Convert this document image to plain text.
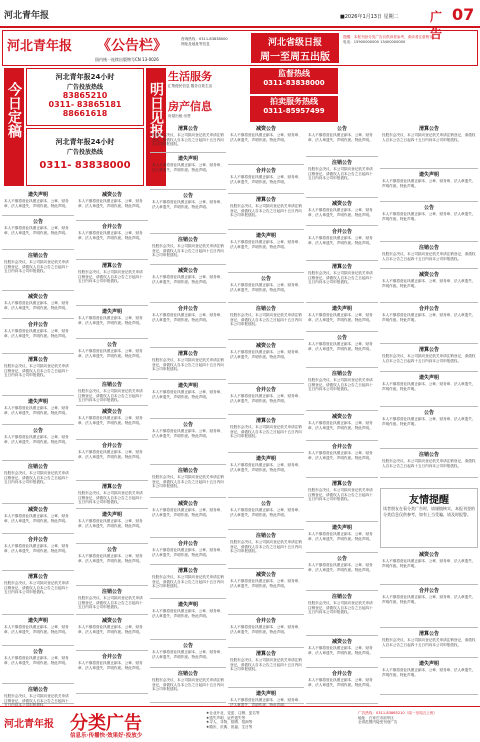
河北青年报	■2026年1月13日 星期二	广告
07
河北青年报	《公告栏》
国内统一连续出版物号CN 13-0026
咨询热线：0311-83838000
网址及地址等信息	河北省级日报
周一至周五出版
提醒：本报刊登分类广告仅供读者参考，请读者注意核实。
电话：15900000000 13400000000
今日定稿	明日见报
河北青年报24小时
广告投放热线
83865210
0311- 83865181
88661618
河北青年报24小时
广告投放热线
0311- 83838000
生活服务
汇集便民信息 服务百姓生活
房产信息
房屋出租·出售
监督热线
0311-83838000
拍卖服务热线
0311-85957499
遗失声明
本人不慎将营业执照正副本、公章、财务章、法人章遗失，声明作废。特此声明。
公告
本人不慎将营业执照正副本、公章、财务章、法人章遗失，声明作废。特此声明。
注销公告
经股东会决议，本公司拟向登记机关申请注销登记，请债权人自本公告之日起四十五日内向本公司申报债权。
减资公告
本人不慎将营业执照正副本、公章、财务章、法人章遗失，声明作废。特此声明。
合并公告
本人不慎将营业执照正副本、公章、财务章、法人章遗失，声明作废。特此声明。
清算公告
经股东会决议，本公司拟向登记机关申请注销登记，请债权人自本公告之日起四十五日内向本公司申报债权。
遗失声明
本人不慎将营业执照正副本、公章、财务章、法人章遗失，声明作废。特此声明。
公告
本人不慎将营业执照正副本、公章、财务章、法人章遗失，声明作废。特此声明。
注销公告
经股东会决议，本公司拟向登记机关申请注销登记，请债权人自本公告之日起四十五日内向本公司申报债权。
减资公告
本人不慎将营业执照正副本、公章、财务章、法人章遗失，声明作废。特此声明。
合并公告
本人不慎将营业执照正副本、公章、财务章、法人章遗失，声明作废。特此声明。
清算公告
经股东会决议，本公司拟向登记机关申请注销登记，请债权人自本公告之日起四十五日内向本公司申报债权。
遗失声明
本人不慎将营业执照正副本、公章、财务章、法人章遗失，声明作废。特此声明。
公告
本人不慎将营业执照正副本、公章、财务章、法人章遗失，声明作废。特此声明。
注销公告
经股东会决议，本公司拟向登记机关申请注销登记，请债权人自本公告之日起四十五日内向本公司申报债权。
减资公告
本人不慎将营业执照正副本、公章、财务章、法人章遗失，声明作废。特此声明。
合并公告
本人不慎将营业执照正副本、公章、财务章、法人章遗失，声明作废。特此声明。
清算公告
经股东会决议，本公司拟向登记机关申请注销登记，请债权人自本公告之日起四十五日内向本公司申报债权。
遗失声明
本人不慎将营业执照正副本、公章、财务章、法人章遗失，声明作废。特此声明。
公告
本人不慎将营业执照正副本、公章、财务章、法人章遗失，声明作废。特此声明。
注销公告
经股东会决议，本公司拟向登记机关申请注销登记，请债权人自本公告之日起四十五日内向本公司申报债权。
减资公告
本人不慎将营业执照正副本、公章、财务章、法人章遗失，声明作废。特此声明。
合并公告
本人不慎将营业执照正副本、公章、财务章、法人章遗失，声明作废。特此声明。
清算公告
经股东会决议，本公司拟向登记机关申请注销登记，请债权人自本公告之日起四十五日内向本公司申报债权。
遗失声明
本人不慎将营业执照正副本、公章、财务章、法人章遗失，声明作废。特此声明。
公告
本人不慎将营业执照正副本、公章、财务章、法人章遗失，声明作废。特此声明。
注销公告
经股东会决议，本公司拟向登记机关申请注销登记，请债权人自本公告之日起四十五日内向本公司申报债权。
减资公告
本人不慎将营业执照正副本、公章、财务章、法人章遗失，声明作废。特此声明。
合并公告
本人不慎将营业执照正副本、公章、财务章、法人章遗失，声明作废。特此声明。
清算公告
经股东会决议，本公司拟向登记机关申请注销登记，请债权人自本公告之日起四十五日内向本公司申报债权。
遗失声明
本人不慎将营业执照正副本、公章、财务章、法人章遗失，声明作废。特此声明。
公告
本人不慎将营业执照正副本、公章、财务章、法人章遗失，声明作废。特此声明。
注销公告
经股东会决议，本公司拟向登记机关申请注销登记，请债权人自本公告之日起四十五日内向本公司申报债权。
减资公告
本人不慎将营业执照正副本、公章、财务章、法人章遗失，声明作废。特此声明。
合并公告
本人不慎将营业执照正副本、公章、财务章、法人章遗失，声明作废。特此声明。
清算公告
经股东会决议，本公司拟向登记机关申请注销登记，请债权人自本公告之日起四十五日内向本公司申报债权。
遗失声明
本人不慎将营业执照正副本、公章、财务章、法人章遗失，声明作废。特此声明。
公告
本人不慎将营业执照正副本、公章、财务章、法人章遗失，声明作废。特此声明。
注销公告
经股东会决议，本公司拟向登记机关申请注销登记，请债权人自本公告之日起四十五日内向本公司申报债权。
减资公告
本人不慎将营业执照正副本、公章、财务章、法人章遗失，声明作废。特此声明。
合并公告
本人不慎将营业执照正副本、公章、财务章、法人章遗失，声明作废。特此声明。
清算公告
经股东会决议，本公司拟向登记机关申请注销登记，请债权人自本公告之日起四十五日内向本公司申报债权。
遗失声明
本人不慎将营业执照正副本、公章、财务章、法人章遗失，声明作废。特此声明。
公告
本人不慎将营业执照正副本、公章、财务章、法人章遗失，声明作废。特此声明。
注销公告
经股东会决议，本公司拟向登记机关申请注销登记，请债权人自本公告之日起四十五日内向本公司申报债权。
减资公告
本人不慎将营业执照正副本、公章、财务章、法人章遗失，声明作废。特此声明。
合并公告
本人不慎将营业执照正副本、公章、财务章、法人章遗失，声明作废。特此声明。
清算公告
经股东会决议，本公司拟向登记机关申请注销登记，请债权人自本公告之日起四十五日内向本公司申报债权。
遗失声明
本人不慎将营业执照正副本、公章、财务章、法人章遗失，声明作废。特此声明。
公告
本人不慎将营业执照正副本、公章、财务章、法人章遗失，声明作废。特此声明。
注销公告
经股东会决议，本公司拟向登记机关申请注销登记，请债权人自本公告之日起四十五日内向本公司申报债权。
减资公告
本人不慎将营业执照正副本、公章、财务章、法人章遗失，声明作废。特此声明。
合并公告
本人不慎将营业执照正副本、公章、财务章、法人章遗失，声明作废。特此声明。
清算公告
经股东会决议，本公司拟向登记机关申请注销登记，请债权人自本公告之日起四十五日内向本公司申报债权。
遗失声明
本人不慎将营业执照正副本、公章、财务章、法人章遗失，声明作废。特此声明。
公告
本人不慎将营业执照正副本、公章、财务章、法人章遗失，声明作废。特此声明。
注销公告
经股东会决议，本公司拟向登记机关申请注销登记，请债权人自本公告之日起四十五日内向本公司申报债权。
减资公告
本人不慎将营业执照正副本、公章、财务章、法人章遗失，声明作废。特此声明。
合并公告
本人不慎将营业执照正副本、公章、财务章、法人章遗失，声明作废。特此声明。
清算公告
经股东会决议，本公司拟向登记机关申请注销登记，请债权人自本公告之日起四十五日内向本公司申报债权。
遗失声明
本人不慎将营业执照正副本、公章、财务章、法人章遗失，声明作废。特此声明。
公告
本人不慎将营业执照正副本、公章、财务章、法人章遗失，声明作废。特此声明。
注销公告
经股东会决议，本公司拟向登记机关申请注销登记，请债权人自本公告之日起四十五日内向本公司申报债权。
减资公告
本人不慎将营业执照正副本、公章、财务章、法人章遗失，声明作废。特此声明。
合并公告
本人不慎将营业执照正副本、公章、财务章、法人章遗失，声明作废。特此声明。
清算公告
经股东会决议，本公司拟向登记机关申请注销登记，请债权人自本公告之日起四十五日内向本公司申报债权。
遗失声明
本人不慎将营业执照正副本、公章、财务章、法人章遗失，声明作废。特此声明。
公告
本人不慎将营业执照正副本、公章、财务章、法人章遗失，声明作废。特此声明。
注销公告
经股东会决议，本公司拟向登记机关申请注销登记，请债权人自本公告之日起四十五日内向本公司申报债权。
减资公告
本人不慎将营业执照正副本、公章、财务章、法人章遗失，声明作废。特此声明。
合并公告
本人不慎将营业执照正副本、公章、财务章、法人章遗失，声明作废。特此声明。
清算公告
经股东会决议，本公司拟向登记机关申请注销登记，请债权人自本公告之日起四十五日内向本公司申报债权。
遗失声明
本人不慎将营业执照正副本、公章、财务章、法人章遗失，声明作废。特此声明。
公告
本人不慎将营业执照正副本、公章、财务章、法人章遗失，声明作废。特此声明。
注销公告
经股东会决议，本公司拟向登记机关申请注销登记，请债权人自本公告之日起四十五日内向本公司申报债权。
减资公告
本人不慎将营业执照正副本、公章、财务章、法人章遗失，声明作废。特此声明。
合并公告
本人不慎将营业执照正副本、公章、财务章、法人章遗失，声明作废。特此声明。
清算公告
经股东会决议，本公司拟向登记机关申请注销登记，请债权人自本公告之日起四十五日内向本公司申报债权。
遗失声明
本人不慎将营业执照正副本、公章、财务章、法人章遗失，声明作废。特此声明。
公告
本人不慎将营业执照正副本、公章、财务章、法人章遗失，声明作废。特此声明。
注销公告
经股东会决议，本公司拟向登记机关申请注销登记，请债权人自本公告之日起四十五日内向本公司申报债权。
减资公告
本人不慎将营业执照正副本、公章、财务章、法人章遗失，声明作废。特此声明。
合并公告
本人不慎将营业执照正副本、公章、财务章、法人章遗失，声明作废。特此声明。
清算公告
经股东会决议，本公司拟向登记机关申请注销登记，请债权人自本公告之日起四十五日内向本公司申报债权。
遗失声明
本人不慎将营业执照正副本、公章、财务章、法人章遗失，声明作废。特此声明。
公告
本人不慎将营业执照正副本、公章、财务章、法人章遗失，声明作废。特此声明。
注销公告
经股东会决议，本公司拟向登记机关申请注销登记，请债权人自本公告之日起四十五日内向本公司申报债权。
减资公告
本人不慎将营业执照正副本、公章、财务章、法人章遗失，声明作废。特此声明。
合并公告
本人不慎将营业执照正副本、公章、财务章、法人章遗失，声明作废。特此声明。
清算公告
经股东会决议，本公司拟向登记机关申请注销登记，请债权人自本公告之日起四十五日内向本公司申报债权。
遗失声明
本人不慎将营业执照正副本、公章、财务章、法人章遗失，声明作废。特此声明。
友情提醒
读者朋友在看分类广告时，请谨慎核实，本报刊登的分类信息仅供参考，如有上当受骗，请及时报警。
河北青年报 分类广告
信息乐·传播快·效果好·投放少
★企业开业、变更、注销、更名等
★遗失声明、证件遗失等
★寻人、寻物、招聘、招商等
★婚庆、庆典、祝福、生日等
广告热线：0311-83865210（周一至周五上班）
地址：石家庄市裕华区
全省范围内接受刊登广告
